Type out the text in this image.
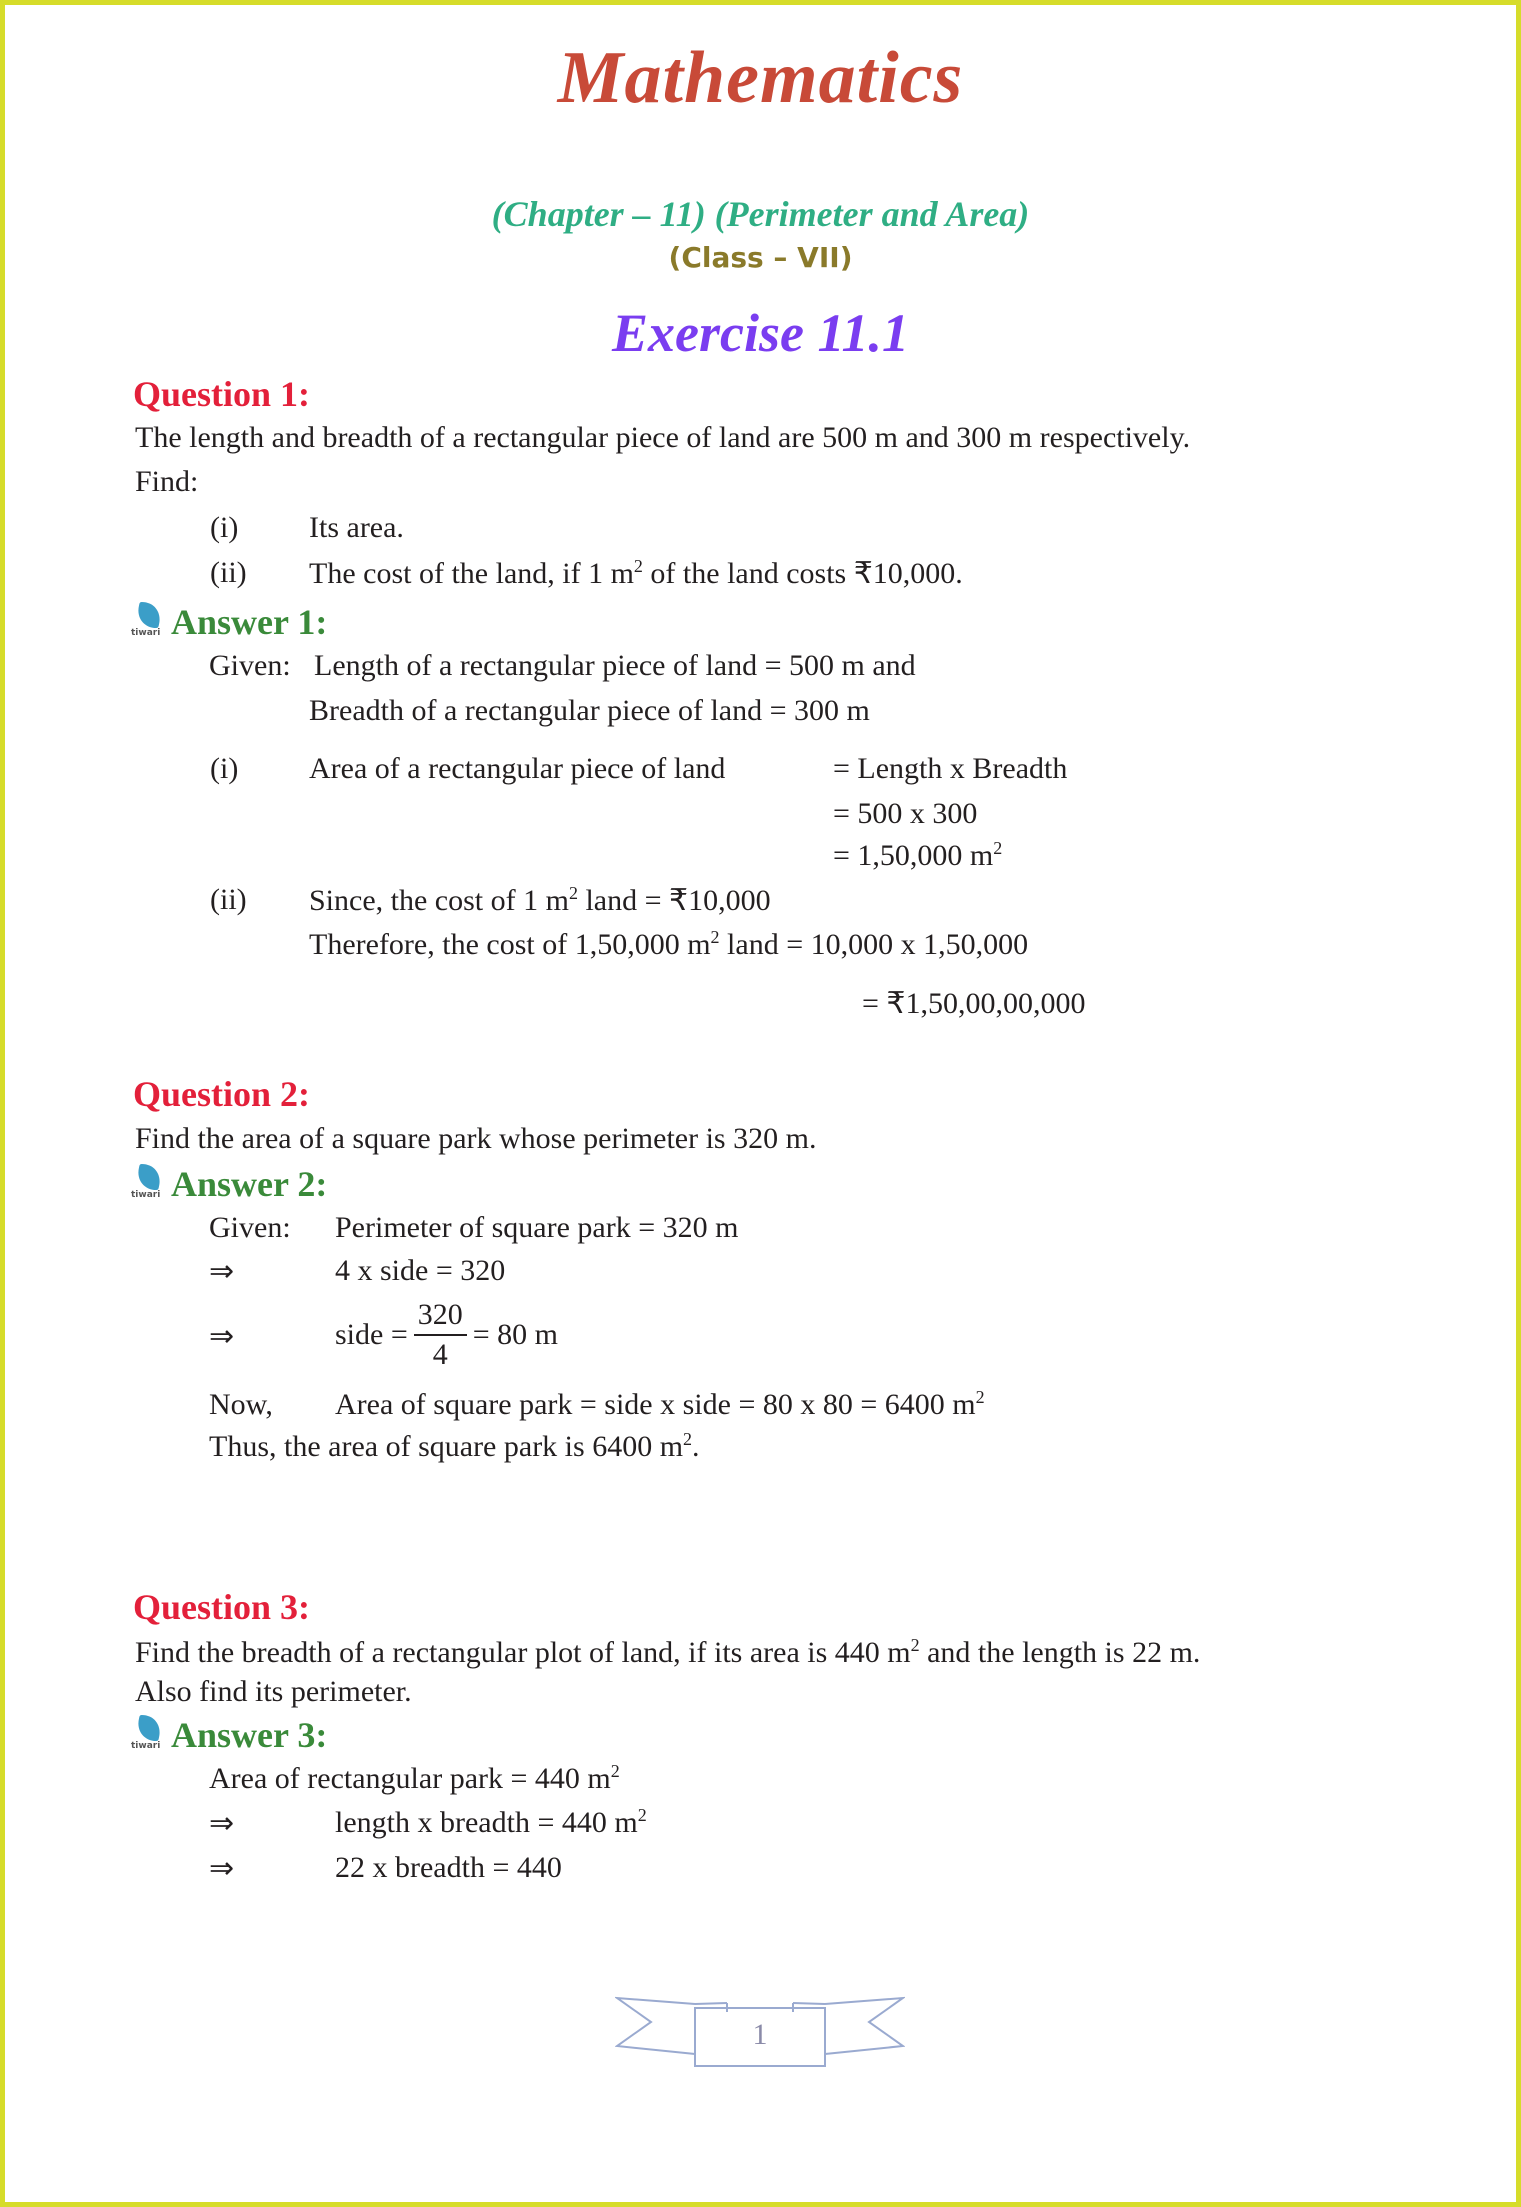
Mathematics
(Chapter – 11) (Perimeter and Area)
(Class – VII)
Exercise 11.1
Question 1:
The length and breadth of a rectangular piece of land are 500 m and 300 m respectively.
Find:
(i) Its area.
(ii) The cost of the land, if 1 $m^2$ of the land costs ₹10,000.
tiwari Answer 1:
Given: Length of a rectangular piece of land = 500 m and
Breadth of a rectangular piece of land = 300 m
(i) Area of a rectangular piece of land	= Length x Breadth
= 500 x 300
= 1,50,000 $m^2$
(ii) Since, the cost of 1 $m^2$ land = ₹10,000
Therefore, the cost of 1,50,000 $m^2$ land = 10,000 x 1,50,000
= ₹1,50,00,00,000
Question 2:
Find the area of a square park whose perimeter is 320 m.
tiwari Answer 2:
Given: Perimeter of square park = 320 m
⇒	4 x side = 320
⇒	side = $\frac{320}{4} = 80$ m
Now, Area of square park = side x side = 80 x 80 = 6400 $m^2$
Thus, the area of square park is 6400 $m^2$.
Question 3:
Find the breadth of a rectangular plot of land, if its area is 440 $m^2$ and the length is 22 m.
Also find its perimeter.
tiwari Answer 3:
Area of rectangular park = 440 $m^2$
⇒	length x breadth = 440 $m^2$
⇒	22 x breadth = 440
1
